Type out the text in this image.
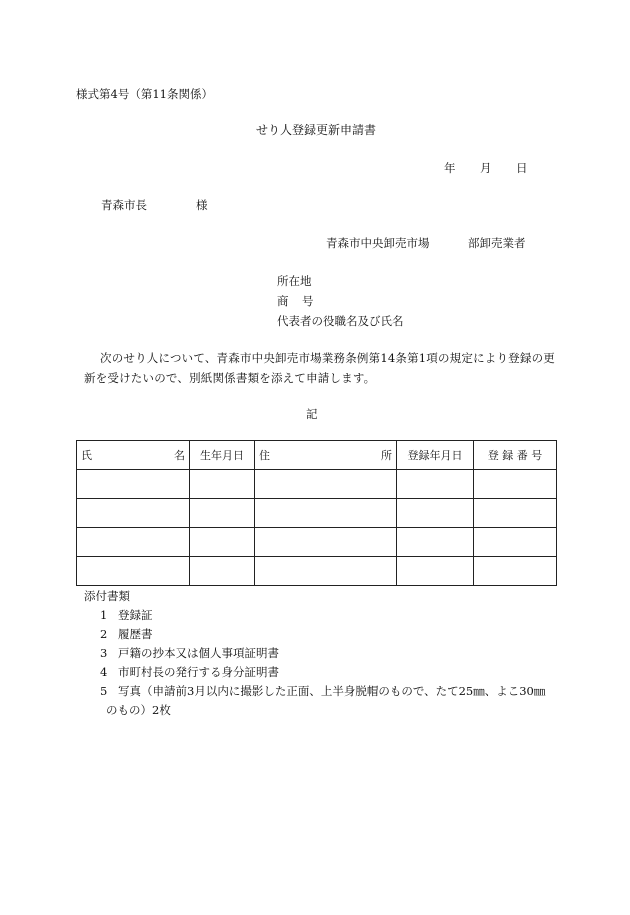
様式第4号（第11条関係）
せり人登録更新申請書
年 月 日
青森市長	様
青森市中央卸売市場	部卸売業者
所在地
商　号
代表者の役職名及び氏名
次のせり人について、青森市中央卸売市場業務条例第14条第1項の規定により登録の更
新を受けたいので、別紙関係書類を添えて申請します。
記
氏 名	生年月日	住 所	登録年月日	登 録 番 号

添付書類
1 登録証
2 履歴書
3 戸籍の抄本又は個人事項証明書
4 市町村長の発行する身分証明書
5 写真（申請前3月以内に撮影した正面、上半身脱帽のもので、たて25㎜、よこ30㎜
のもの）2枚
